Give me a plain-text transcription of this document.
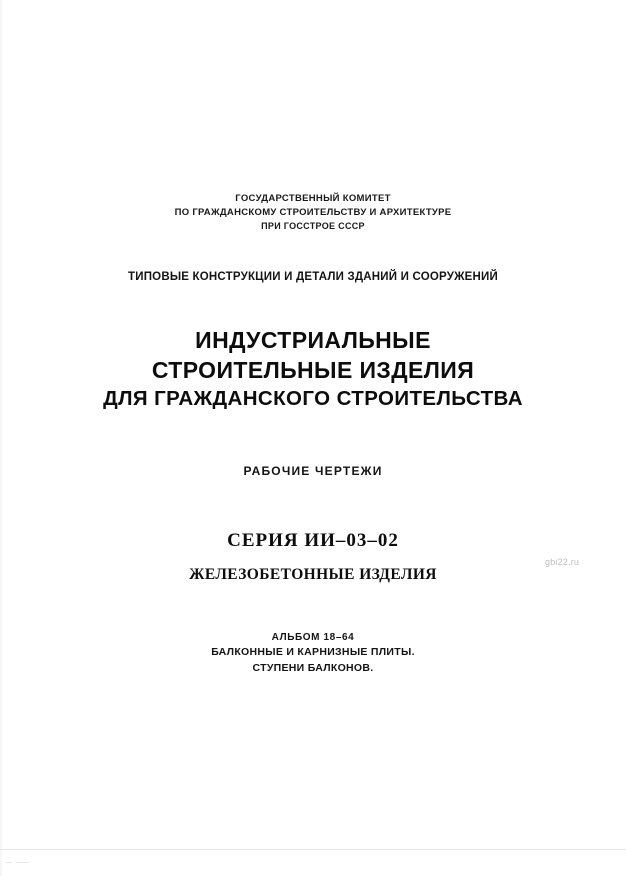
— ——
ГОСУДАРСТВЕННЫЙ КОМИТЕТ
ПО ГРАЖДАНСКОМУ СТРОИТЕЛЬСТВУ И АРХИТЕКТУРЕ
ПРИ ГОССТРОЕ СССР
ТИПОВЫЕ КОНСТРУКЦИИ И ДЕТАЛИ ЗДАНИЙ И СООРУЖЕНИЙ
ИНДУСТРИАЛЬНЫЕ
СТРОИТЕЛЬНЫЕ ИЗДЕЛИЯ
ДЛЯ ГРАЖДАНСКОГО СТРОИТЕЛЬСТВА
РАБОЧИЕ ЧЕРТЕЖИ
СЕРИЯ ИИ–03–02
ЖЕЛЕЗОБЕТОННЫЕ ИЗДЕЛИЯ
АЛЬБОМ 18–64
БАЛКОННЫЕ И КАРНИЗНЫЕ ПЛИТЫ.
СТУПЕНИ БАЛКОНОВ.
gbi22.ru
